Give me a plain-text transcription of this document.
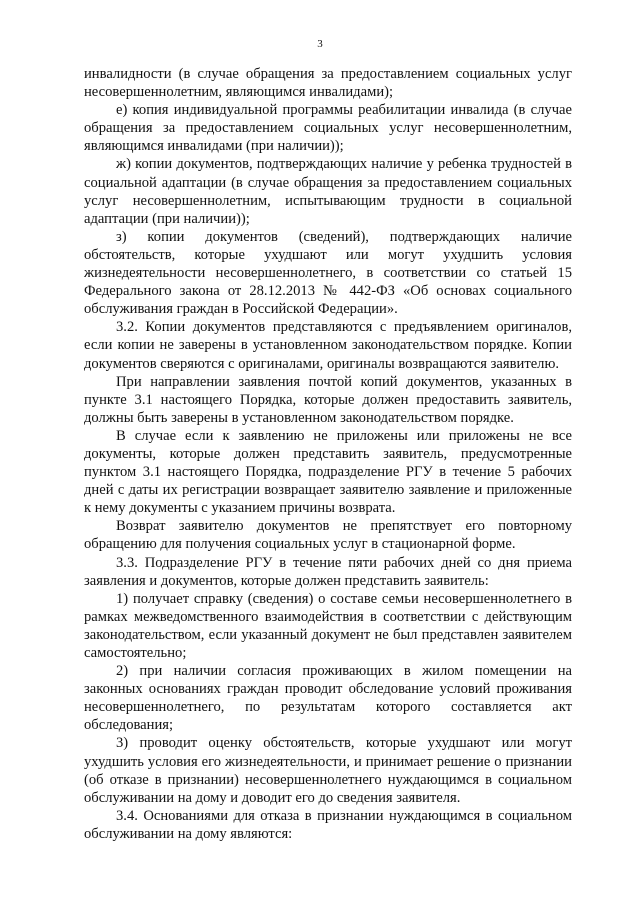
3

инвалидности (в случае обращения за предоставлением социальных услуг несовершеннолетним, являющимся инвалидами);

е) копия индивидуальной программы реабилитации инвалида (в случае обращения за предоставлением социальных услуг несовершеннолетним, являющимся инвалидами (при наличии));

ж) копии документов, подтверждающих наличие у ребенка трудностей в социальной адаптации (в случае обращения за предоставлением социальных услуг несовершеннолетним, испытывающим трудности в социальной адаптации (при наличии));

з) копии документов (сведений), подтверждающих наличие обстоятельств, которые ухудшают или могут ухудшить условия жизнедеятельности несовершеннолетнего, в соответствии со статьей 15 Федерального закона от 28.12.2013 № 442-ФЗ «Об основах социального обслуживания граждан в Российской Федерации».

3.2. Копии документов представляются с предъявлением оригиналов, если копии не заверены в установленном законодательством порядке. Копии документов сверяются с оригиналами, оригиналы возвращаются заявителю.

При направлении заявления почтой копий документов, указанных в пункте 3.1 настоящего Порядка, которые должен предоставить заявитель, должны быть заверены в установленном законодательством порядке.

В случае если к заявлению не приложены или приложены не все документы, которые должен представить заявитель, предусмотренные пунктом 3.1 настоящего Порядка, подразделение РГУ в течение 5 рабочих дней с даты их регистрации возвращает заявителю заявление и приложенные к нему документы с указанием причины возврата.

Возврат заявителю документов не препятствует его повторному обращению для получения социальных услуг в стационарной форме.

3.3. Подразделение РГУ в течение пяти рабочих дней со дня приема заявления и документов, которые должен представить заявитель:

1) получает справку (сведения) о составе семьи несовершеннолетнего в рамках межведомственного взаимодействия в соответствии с действующим законодательством, если указанный документ не был представлен заявителем самостоятельно;

2) при наличии согласия проживающих в жилом помещении на законных основаниях граждан проводит обследование условий проживания несовершеннолетнего, по результатам которого составляется акт обследования;

3) проводит оценку обстоятельств, которые ухудшают или могут ухудшить условия его жизнедеятельности, и принимает решение о признании (об отказе в признании) несовершеннолетнего нуждающимся в социальном обслуживании на дому и доводит его до сведения заявителя.

3.4. Основаниями для отказа в признании нуждающимся в социальном обслуживании на дому являются:
